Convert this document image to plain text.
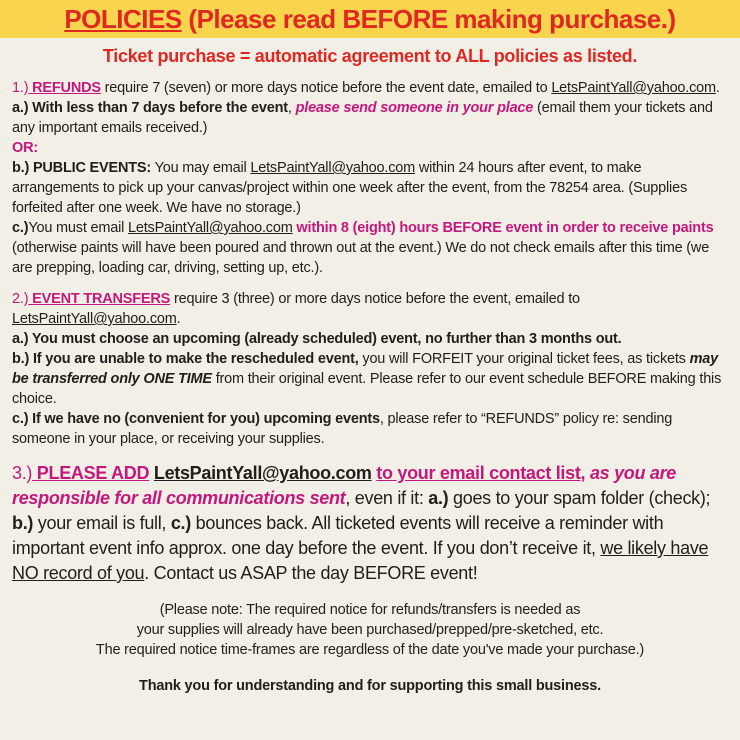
POLICIES (Please read BEFORE making purchase.)
Ticket purchase = automatic agreement to ALL policies as listed.
1.) REFUNDS require 7 (seven) or more days notice before the event date, emailed to LetsPaintYall@yahoo.com.
a.) With less than 7 days before the event, please send someone in your place (email them your tickets and any important emails received.)
OR:
b.) PUBLIC EVENTS: You may email LetsPaintYall@yahoo.com within 24 hours after event, to make arrangements to pick up your canvas/project within one week after the event, from the 78254 area. (Supplies forfeited after one week. We have no storage.)
c.)You must email LetsPaintYall@yahoo.com within 8 (eight) hours BEFORE event in order to receive paints (otherwise paints will have been poured and thrown out at the event.) We do not check emails after this time (we are prepping, loading car, driving, setting up, etc.).
2.) EVENT TRANSFERS require 3 (three) or more days notice before the event, emailed to LetsPaintYall@yahoo.com.
a.) You must choose an upcoming (already scheduled) event, no further than 3 months out.
b.) If you are unable to make the rescheduled event, you will FORFEIT your original ticket fees, as tickets may be transferred only ONE TIME from their original event. Please refer to our event schedule BEFORE making this choice.
c.) If we have no (convenient for you) upcoming events, please refer to “REFUNDS” policy re: sending someone in your place, or receiving your supplies.
3.) PLEASE ADD LetsPaintYall@yahoo.com to your email contact list, as you are responsible for all communications sent, even if it: a.) goes to your spam folder (check); b.) your email is full, c.) bounces back. All ticketed events will receive a reminder with important event info approx. one day before the event. If you don’t receive it, we likely have NO record of you. Contact us ASAP the day BEFORE event!
(Please note: The required notice for refunds/transfers is needed as
your supplies will already have been purchased/prepped/pre-sketched, etc.
The required notice time-frames are regardless of the date you've made your purchase.)
Thank you for understanding and for supporting this small business.
